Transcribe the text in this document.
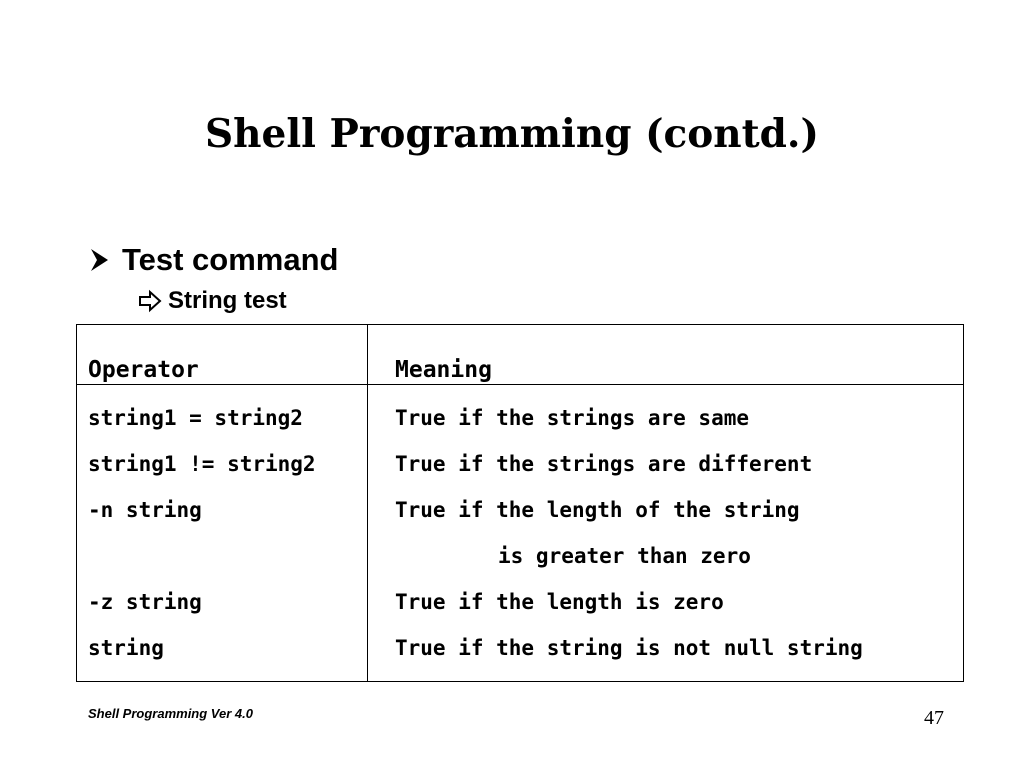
Shell Programming (contd.)
Test command
String test
Operator	Meaning
string1 = string2	True if the strings are same
string1 != string2	True if the strings are different
-n string	True if the length of the string
is greater than zero
-z string	True if the length is zero
string	True if the string is not null string
Shell Programming Ver 4.0	47
